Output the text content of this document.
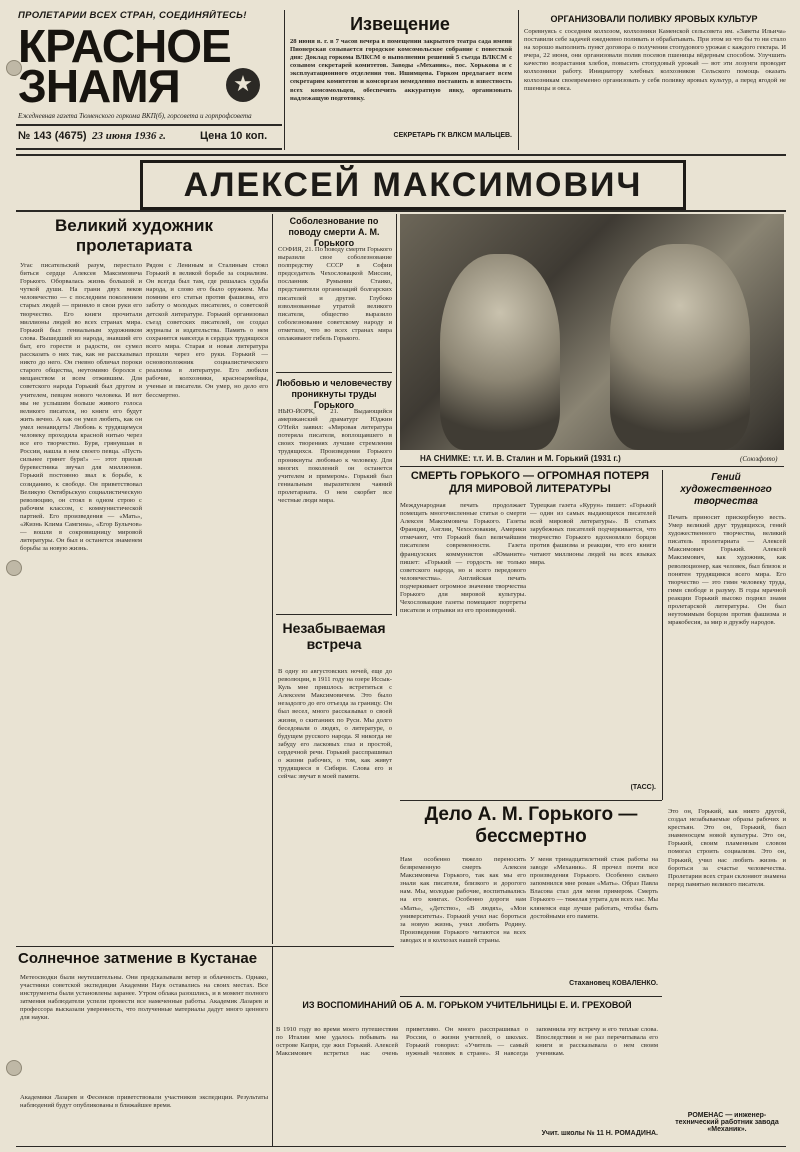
ПРОЛЕТАРИИ ВСЕХ СТРАН, СОЕДИНЯЙТЕСЬ!
КРАСНОЕ
ЗНАМЯ	★
Ежедневная газета Тюменского горкома ВКП(б), горсовета и горпрофсовета
№ 143 (4675) 23 июня 1936 г.	Цена 10 коп.
Извещение

28 июня в. г. в 7 часов вечера в помещении закрытого театра сада имени Пионерская созывается городское комсомольское собрание с повесткой дня: Доклад горкома ВЛКСМ о выполнении решений 5 съезда ВЛКСМ с созывом секретарей комитетов. Заводы «Механик», пос. Хорькова и с эксплуатационного отделения тов. Ишимцева. Горком предлагает всем секретарям комитетов и комсоргам немедленно поставить в известность всех комсомольцев, обеспечить аккуратную явку, организовать надлежащую подготовку.

СЕКРЕТАРЬ ГК ВЛКСМ МАЛЬЦЕВ.
ОРГАНИЗОВАЛИ ПОЛИВКУ ЯРОВЫХ КУЛЬТУР

Соревнуясь с соседним колхозом, колхозники Каменской сельсовета им. «Заветы Ильича» поставили себе задачей ежедневно поливать и обрабатывать. При этом из что бы то ни стало на хорошо выполнить пункт договора о получении стопудового урожая с каждого гектара. И вчера, 22 июня, они организовали полив посевов пшеницы вёдерным способом. Улучшить качество возрастания хлебов, повысить стопудовый урожай — вот эти лозунги проводят колхозники работу. Инициатору хлебных колхозников Сельского помощь оказать колхозникам своевременно организовать у себя поливку яровых культур, а перед ягодой не пшеницы и овса.

АЛЕКСЕЙ МАКСИМОВИЧ
Великий художник пролетариата

Угас писательский разум, перестало биться сердце Алексея Максимовича Горького. Оборвалась жизнь большой и чуткой души. На грани двух веков человечество — с последним поколением старых людей — приняло в свои руки его творчество. Его книги прочитали миллионы людей во всех странах мира. Горький был гениальным художником слова. Вышедший из народа, знавший его быт, его горести и радости, он сумел рассказать о них так, как не рассказывал никто до него. Он гневно обличал пороки старого общества, неутомимо боролся с мещанством и всем отжившим. Для советского народа Горький был другом и учителем, певцом нового человека. И вот мы не услышим больше живого голоса великого писателя, но книги его будут жить вечно. А как он умел любить, как он умел ненавидеть! Любовь к трудящемуся человеку проходила красной нитью через все его творчество. Буря, грянувшая в России, нашла в нем своего певца. «Пусть сильнее грянет буря!» — этот призыв буревестника звучал для миллионов. Горький постоянно звал к борьбе, к созиданию, к свободе. Он приветствовал Великую Октябрьскую социалистическую революцию, он стоял в одном строю с рабочим классом, с коммунистической партией. Его произведения — «Мать», «Жизнь Клима Самгина», «Егор Булычов» — вошли в сокровищницу мировой литературы. Он был и останется знаменем борьбы за новую жизнь.

Рядом с Лениным и Сталиным стоял Горький в великой борьбе за социализм. Он всегда был там, где решалась судьба народа, и слово его было оружием. Мы помним его статьи против фашизма, его заботу о молодых писателях, о советской детской литературе. Горький организовал съезд советских писателей, он создал журналы и издательства. Память о нем сохранится навсегда в сердцах трудящихся всего мира. Старая и новая литература прошли через его руки. Горький — основоположник социалистического реализма в литературе. Его любили рабочие, колхозники, красноармейцы, ученые и писатели. Он умер, но дело его бессмертно.

Соболезнование по поводу смерти А. М. Горького

СОФИЯ, 21. По поводу смерти Горького выразили свое соболезнование полпредству СССР в Софии председатель Чехословацкой Миссии, посланник Румынии Стаико, представители организаций болгарских писателей и другие. Глубоко взволнованные утратой великого писателя, общество выразило соболезнование советскому народу и отметило, что во всех странах мира оплакивают гибель Горького.

Любовью и человечеству проникнуты труды Горького

НЬЮ-ЙОРК, 21. Выдающийся американский драматург Юджин О'Нейл заявил: «Мировая литература потеряла писателя, воплощавшего в своих творениях лучшие стремления трудящихся. Произведения Горького проникнуты любовью к человеку. Для многих поколений он останется учителем и примером». Горький был гениальным выразителем чаяний пролетариата. О нем скорбят все честные люди мира.

НА СНИМКЕ: т.т. И. В. Сталин и М. Горький (1931 г.)	(Союзфото)
Незабываемая встреча

В одну из августовских ночей, еще до революции, в 1911 году на озере Иссык-Куль мне пришлось встретиться с Алексеем Максимовичем. Это было незадолго до его отъезда за границу. Он был весел, много рассказывал о своей жизни, о скитаниях по Руси. Мы долго беседовали о людях, о литературе, о будущем русского народа. Я никогда не забуду его ласковых глаз и простой, сердечной речи. Горький расспрашивал о жизни рабочих, о том, как живут трудящиеся в Сибири. Слова его и сейчас звучат в моей памяти.

СМЕРТЬ ГОРЬКОГО — ОГРОМНАЯ ПОТЕРЯ ДЛЯ МИРОВОЙ ЛИТЕРАТУРЫ

Международная печать продолжает помещать многочисленные статьи о смерти Алексея Максимовича Горького. Газеты Франции, Англии, Чехословакии, Америки отмечают, что Горький был величайшим писателем современности. Газета французских коммунистов «Юманите» пишет: «Горький — гордость не только советского народа, но и всего передового человечества». Английская печать подчеркивает огромное значение творчества Горького для мировой культуры. Чехословацкие газеты помещают портреты писателя и отрывки из его произведений.

Турецкая газета «Курун» пишет: «Горький — один из самых выдающихся писателей всей мировой литературы». В статьях зарубежных писателей подчеркивается, что творчество Горького вдохновляло борцов против фашизма и реакции, что его книги читают миллионы людей на всех языках мира.

(ТАСС).
Гений художественного творчества

Печать приносит прискорбную весть. Умер великий друг трудящихся, гений художественного творчества, великий писатель пролетариата — Алексей Максимович Горький. Алексей Максимович, как художник, как революционер, как человек, был близок и понятен трудящимся всего мира. Его творчество — это гимн человеку труда, гимн свободе и разуму. В годы мрачной реакции Горький высоко поднял знамя пролетарской литературы. Он был неутомимым борцом против фашизма и мракобесия, за мир и дружбу народов.

Это он, Горький, как никто другой, создал незабываемые образы рабочих и крестьян. Это он, Горький, был знаменосцем новой культуры. Это он, Горький, своим пламенным словом помогал строить социализм. Это он, Горький, учил нас любить жизнь и бороться за счастье человечества. Пролетарии всех стран склоняют знамена перед памятью великого писателя.

РОМЕНАС — инженер-технический работник завода «Механик».
Дело А. М. Горького — бессмертно

Нам особенно тяжело переносить безвременную смерть Алексея Максимовича Горького, так как мы его знали как писателя, близкого и дорогого нам. Мы, молодые рабочие, воспитывались на его книгах. Особенно дороги нам «Мать», «Детство», «В людях», «Мои университеты». Горький учил нас бороться за новую жизнь, учил любить Родину. Произведения Горького читаются на всех заводах и в колхозах нашей страны.

У меня тринадцатилетний стаж работы на заводе «Механик». Я прочел почти все произведения Горького. Особенно сильно запомнился мне роман «Мать». Образ Павла Власова стал для меня примером. Смерть Горького — тяжелая утрата для всех нас. Мы клянемся еще лучше работать, чтобы быть достойными его памяти.

Стахановец КОВАЛЕНКО.
Солнечное затмение в Кустанае

Метеосводки были неутешительны. Они предсказывали ветер и облачность. Однако, участники советской экспедиции Академии Наук оставались на своих местах. Все инструменты были установлены заранее. Утром облака разошлись, и в момент полного затмения наблюдатели успели провести все намеченные работы. Академик Лазарев и профессора высказали уверенность, что полученные материалы дадут много ценного для науки.

Академики Лазарев и Фесенков приветствовали участников экспедиции. Результаты наблюдений будут опубликованы в ближайшее время.

ИЗ ВОСПОМИНАНИЙ ОБ А. М. ГОРЬКОМ УЧИТЕЛЬНИЦЫ Е. И. ГРЕХОВОЙ

В 1910 году во время моего путешествия по Италии мне удалось побывать на острове Капри, где жил Горький. Алексей Максимович встретил нас очень приветливо. Он много расспрашивал о России, о жизни учителей, о школах. Горький говорил: «Учитель — самый нужный человек в стране». Я навсегда запомнила эту встречу и его теплые слова. Впоследствии я не раз перечитывала его книги и рассказывала о нем своим ученикам.

Учит. школы № 11 Н. РОМАДИНА.
